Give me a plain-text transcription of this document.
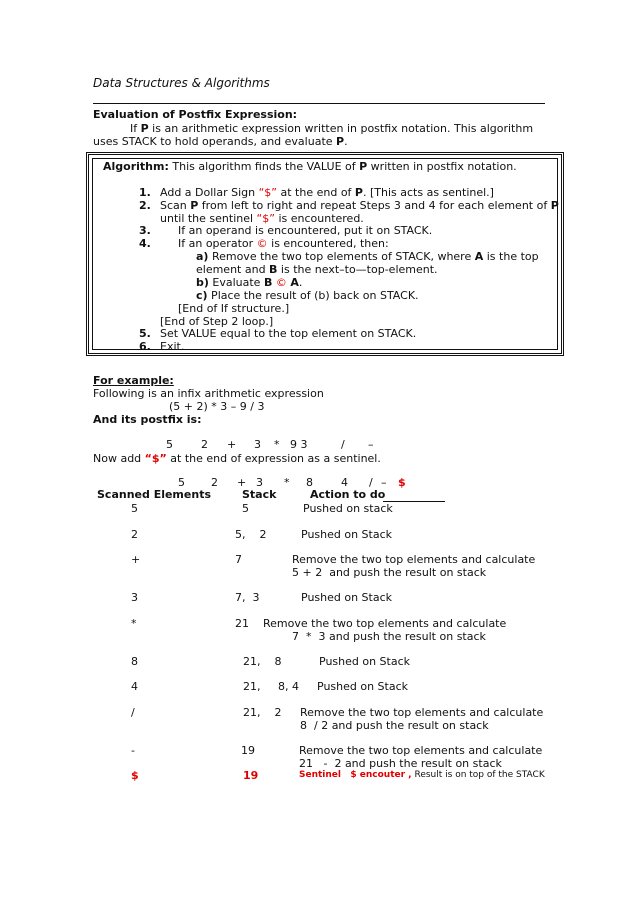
Data Structures & Algorithms
Evaluation of Postfix Expression:
If P is an arithmetic expression written in postfix notation. This algorithm
uses STACK to hold operands, and evaluate P.
Algorithm: This algorithm finds the VALUE of P written in postfix notation.
1. Add a Dollar Sign “$” at the end of P. [This acts as sentinel.]
2. Scan P from left to right and repeat Steps 3 and 4 for each element of P
until the sentinel “$” is encountered.
3. If an operand is encountered, put it on STACK.
4. If an operator © is encountered, then:
a) Remove the two top elements of STACK, where A is the top
element and B is the next–to—top-element.
b) Evaluate B © A.
c) Place the result of (b) back on STACK.
[End of If structure.]
[End of Step 2 loop.]
5. Set VALUE equal to the top element on STACK.
6. Exit.
For example:
Following is an infix arithmetic expression
(5 + 2) * 3 – 9 / 3
And its postfix is:
5	2 + 3 * 9 3	/ –
Now add “$” at the end of expression as a sentinel.
5 2 + 3 * 8	4 / – $
Scanned Elements	Stack	Action to do
5	5	Pushed on stack
2	5,    2	Pushed on Stack
+	7	Remove the two top elements and calculate
5 + 2  and push the result on stack
3	7,  3	Pushed on Stack
*	21 Remove the two top elements and calculate
7  *  3 and push the result on stack
8	21,    8	Pushed on Stack
4	21,     8, 4 Pushed on Stack
/	21,    2 Remove the two top elements and calculate
8  / 2 and push the result on stack
-	19	Remove the two top elements and calculate
21   -  2 and push the result on stack
$	19	Sentinel   $ encouter , Result is on top of the STACK
